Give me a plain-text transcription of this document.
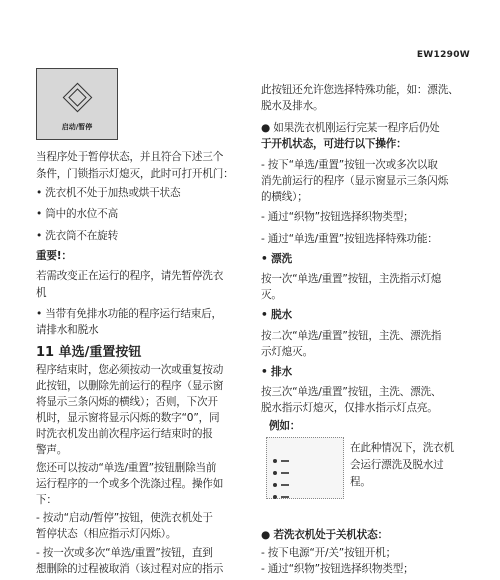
EW1290W
启动/暂停
当程序处于暂停状态，并且符合下述三个
条件，门锁指示灯熄灭，此时可打开机门：
• 洗衣机不处于加热或烘干状态
• 筒中的水位不高
• 洗衣筒不在旋转
重要!：
若需改变正在运行的程序，请先暂停洗衣
机
• 当带有免排水功能的程序运行结束后，
请排水和脱水
11 单选/重置按钮
程序结束时，您必须按动一次或重复按动
此按钮，以删除先前运行的程序（显示窗
将显示三条闪烁的横线）；否则，下次开
机时，显示窗将显示闪烁的数字“0”，同
时洗衣机发出前次程序运行结束时的报
警声。
您还可以按动“单选/重置”按钮删除当前
运行程序的一个或多个洗涤过程。操作如
下：
- 按动“启动/暂停”按钮，使洗衣机处于
暂停状态（相应指示灯闪烁）。
- 按一次或多次“单选/重置”按钮，直到
想删除的过程被取消（该过程对应的指示
此按钮还允许您选择特殊功能，如：漂洗、
脱水及排水。
● 如果洗衣机刚运行完某一程序后仍处
于开机状态，可进行以下操作：
- 按下“单选/重置”按钮一次或多次以取
消先前运行的程序（显示窗显示三条闪烁
的横线）；
- 通过“织物”按钮选择织物类型；
- 通过“单选/重置”按钮选择特殊功能：
• 漂洗
按一次“单选/重置”按钮，主洗指示灯熄
灭。
• 脱水
按二次“单选/重置”按钮，主洗、漂洗指
示灯熄灭。
• 排水
按三次“单选/重置”按钮，主洗、漂洗、
脱水指示灯熄灭，仅排水指示灯点亮。
例如：
在此种情况下，洗衣机
会运行漂洗及脱水过
程。
● 若洗衣机处于关机状态：
- 按下电源“开/关”按钮开机；
- 通过“织物”按钮选择织物类型；
